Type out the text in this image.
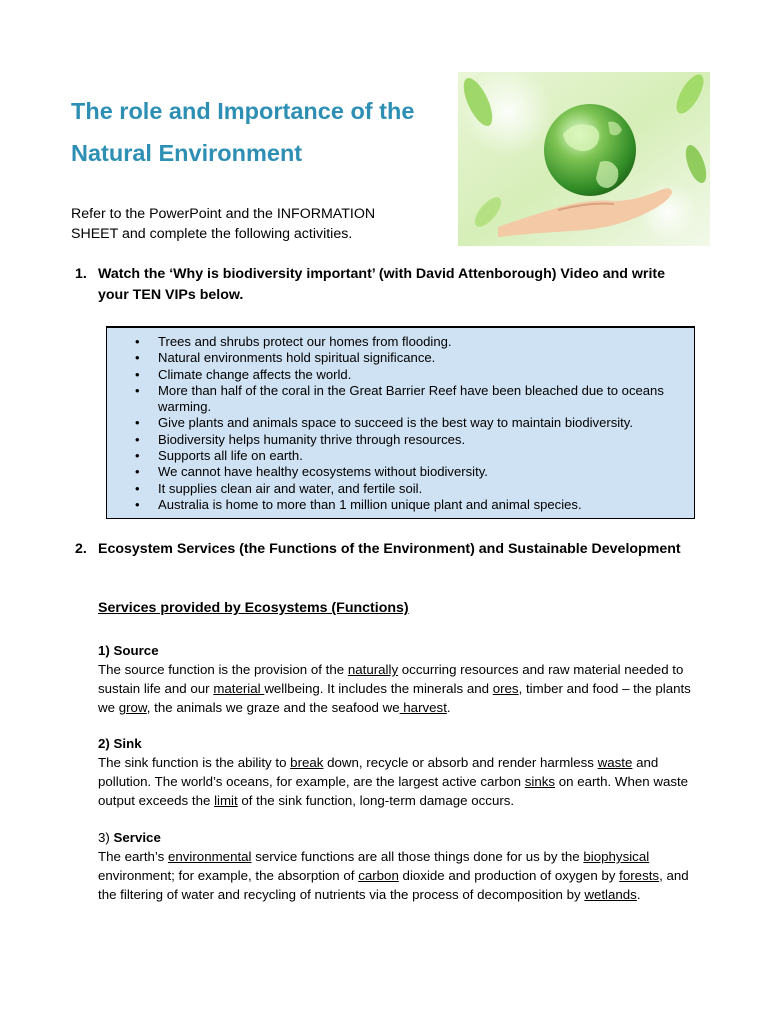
The role and Importance of the
Natural Environment
Refer to the PowerPoint and the INFORMATION
SHEET and complete the following activities.
1. Watch the ‘Why is biodiversity important’ (with David Attenborough) Video and write your TEN VIPs below.
• Trees and shrubs protect our homes from flooding.
• Natural environments hold spiritual significance.
• Climate change affects the world.
• More than half of the coral in the Great Barrier Reef have been bleached due to oceans warming.
• Give plants and animals space to succeed is the best way to maintain biodiversity.
• Biodiversity helps humanity thrive through resources.
• Supports all life on earth.
• We cannot have healthy ecosystems without biodiversity.
• It supplies clean air and water, and fertile soil.
• Australia is home to more than 1 million unique plant and animal species.
2. Ecosystem Services (the Functions of the Environment) and Sustainable Development
Services provided by Ecosystems (Functions)
1) Source

The source function is the provision of the naturally occurring resources and raw material needed to sustain life and our material wellbeing. It includes the minerals and ores, timber and food – the plants we grow, the animals we graze and the seafood we harvest.

2) Sink

The sink function is the ability to break down, recycle or absorb and render harmless waste and pollution. The world’s oceans, for example, are the largest active carbon sinks on earth. When waste output exceeds the limit of the sink function, long-term damage occurs.

3) Service

The earth’s environmental service functions are all those things done for us by the biophysical environment; for example, the absorption of carbon dioxide and production of oxygen by forests, and the filtering of water and recycling of nutrients via the process of decomposition by wetlands.
